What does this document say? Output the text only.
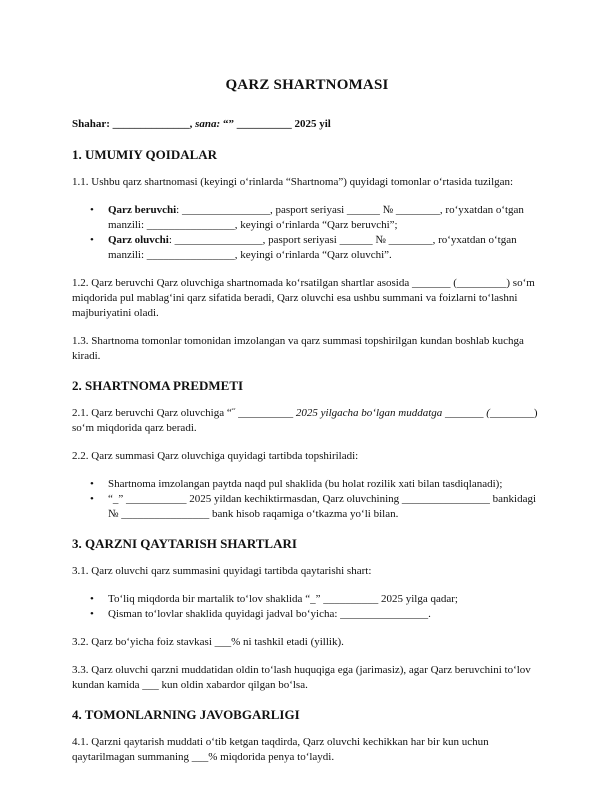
QARZ SHARTNOMASI

Shahar: ______________, sana: “” __________ 2025 yil

1. UMUMIY QOIDALAR

1.1. Ushbu qarz shartnomasi (keyingi o‘rinlarda “Shartnoma”) quyidagi tomonlar o‘rtasida tuzilgan:

• Qarz beruvchi: ________________, pasport seriyasi ______ № ________, ro‘yxatdan o‘tgan manzili: ________________, keyingi o‘rinlarda “Qarz beruvchi”;
• Qarz oluvchi: ________________, pasport seriyasi ______ № ________, ro‘yxatdan o‘tgan manzili: ________________, keyingi o‘rinlarda “Qarz oluvchi”.

1.2. Qarz beruvchi Qarz oluvchiga shartnomada ko‘rsatilgan shartlar asosida _______ (_________) so‘m miqdorida pul mablag‘ini qarz sifatida beradi, Qarz oluvchi esa ushbu summani va foizlarni to‘lashni majburiyatini oladi.

1.3. Shartnoma tomonlar tomonidan imzolangan va qarz summasi topshirilgan kundan boshlab kuchga kiradi.

2. SHARTNOMA PREDMETI

2.1. Qarz beruvchi Qarz oluvchiga “˝ __________ 2025 yilgacha bo‘lgan muddatga _______ (________) so‘m miqdorida qarz beradi.

2.2. Qarz summasi Qarz oluvchiga quyidagi tartibda topshiriladi:

• Shartnoma imzolangan paytda naqd pul shaklida (bu holat rozilik xati bilan tasdiqlanadi);
• “_” ___________ 2025 yildan kechiktirmasdan, Qarz oluvchining ________________ bankidagi № ________________ bank hisob raqamiga o‘tkazma yo‘li bilan.
3. QARZNI QAYTARISH SHARTLARI

3.1. Qarz oluvchi qarz summasini quyidagi tartibda qaytarishi shart:

• To‘liq miqdorda bir martalik to‘lov shaklida “_” __________ 2025 yilga qadar;
• Qisman to‘lovlar shaklida quyidagi jadval bo‘yicha: ________________.

3.2. Qarz bo‘yicha foiz stavkasi ___% ni tashkil etadi (yillik).

3.3. Qarz oluvchi qarzni muddatidan oldin to‘lash huquqiga ega (jarimasiz), agar Qarz beruvchini to‘lov kundan kamida ___ kun oldin xabardor qilgan bo‘lsa.

4. TOMONLARNING JAVOBGARLIGI

4.1. Qarzni qaytarish muddati o‘tib ketgan taqdirda, Qarz oluvchi kechikkan har bir kun uchun qaytarilmagan summaning ___% miqdorida penya to‘laydi.
